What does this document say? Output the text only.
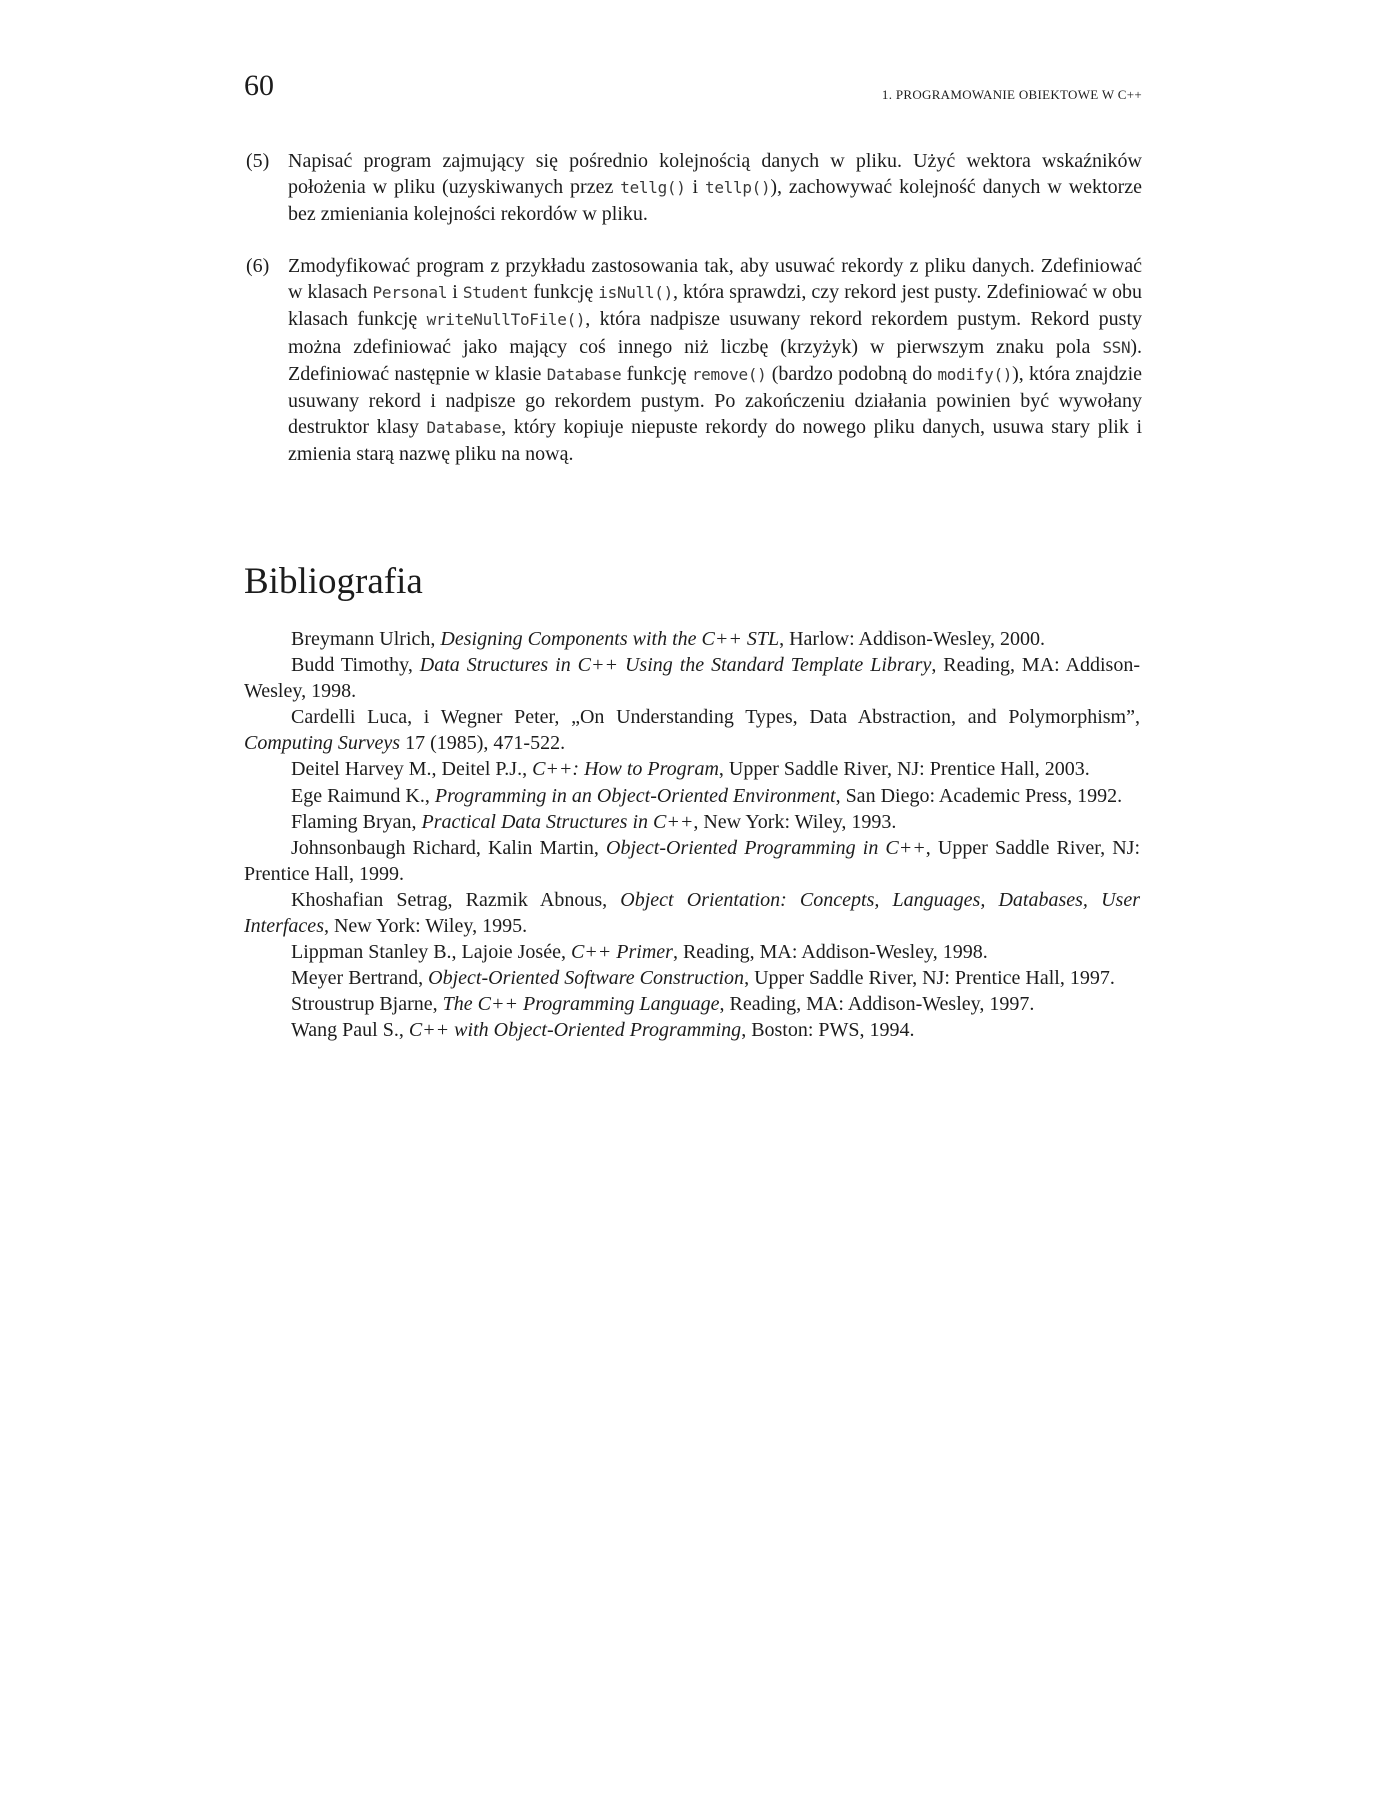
60	1. PROGRAMOWANIE OBIEKTOWE W C++
(5) Napisać program zajmujący się pośrednio kolejnością danych w pliku. Użyć wektora wskaźników położenia w pliku (uzyskiwanych przez tellg() i tellp()), zachowywać kolejność danych w wektorze bez zmieniania kolejności rekordów w pliku.
(6) Zmodyfikować program z przykładu zastosowania tak, aby usuwać rekordy z pliku danych. Zdefiniować w klasach Personal i Student funkcję isNull(), która sprawdzi, czy rekord jest pusty. Zdefiniować w obu klasach funkcję writeNullToFile(), która nadpisze usuwany rekord rekordem pustym. Rekord pusty można zdefiniować jako mający coś innego niż liczbę (krzyżyk) w pierwszym znaku pola SSN). Zdefiniować następnie w klasie Database funkcję remove() (bardzo podobną do modify()), która znajdzie usuwany rekord i nadpisze go rekordem pustym. Po zakończeniu działania powinien być wywołany destruktor klasy Database, który kopiuje niepuste rekordy do nowego pliku danych, usuwa stary plik i zmienia starą nazwę pliku na nową.
Bibliografia
Breymann Ulrich, Designing Components with the C++ STL, Harlow: Addison-Wesley, 2000.
Budd Timothy, Data Structures in C++ Using the Standard Template Library, Reading, MA: Addison-Wesley, 1998.
Cardelli Luca, i Wegner Peter, „On Understanding Types, Data Abstraction, and Polymorphism”, Computing Surveys 17 (1985), 471-522.
Deitel Harvey M., Deitel P.J., C++: How to Program, Upper Saddle River, NJ: Prentice Hall, 2003.
Ege Raimund K., Programming in an Object-Oriented Environment, San Diego: Academic Press, 1992.
Flaming Bryan, Practical Data Structures in C++, New York: Wiley, 1993.
Johnsonbaugh Richard, Kalin Martin, Object-Oriented Programming in C++, Upper Saddle River, NJ: Prentice Hall, 1999.
Khoshafian Setrag, Razmik Abnous, Object Orientation: Concepts, Languages, Databases, User Interfaces, New York: Wiley, 1995.
Lippman Stanley B., Lajoie Josée, C++ Primer, Reading, MA: Addison-Wesley, 1998.
Meyer Bertrand, Object-Oriented Software Construction, Upper Saddle River, NJ: Prentice Hall, 1997.
Stroustrup Bjarne, The C++ Programming Language, Reading, MA: Addison-Wesley, 1997.
Wang Paul S., C++ with Object-Oriented Programming, Boston: PWS, 1994.
